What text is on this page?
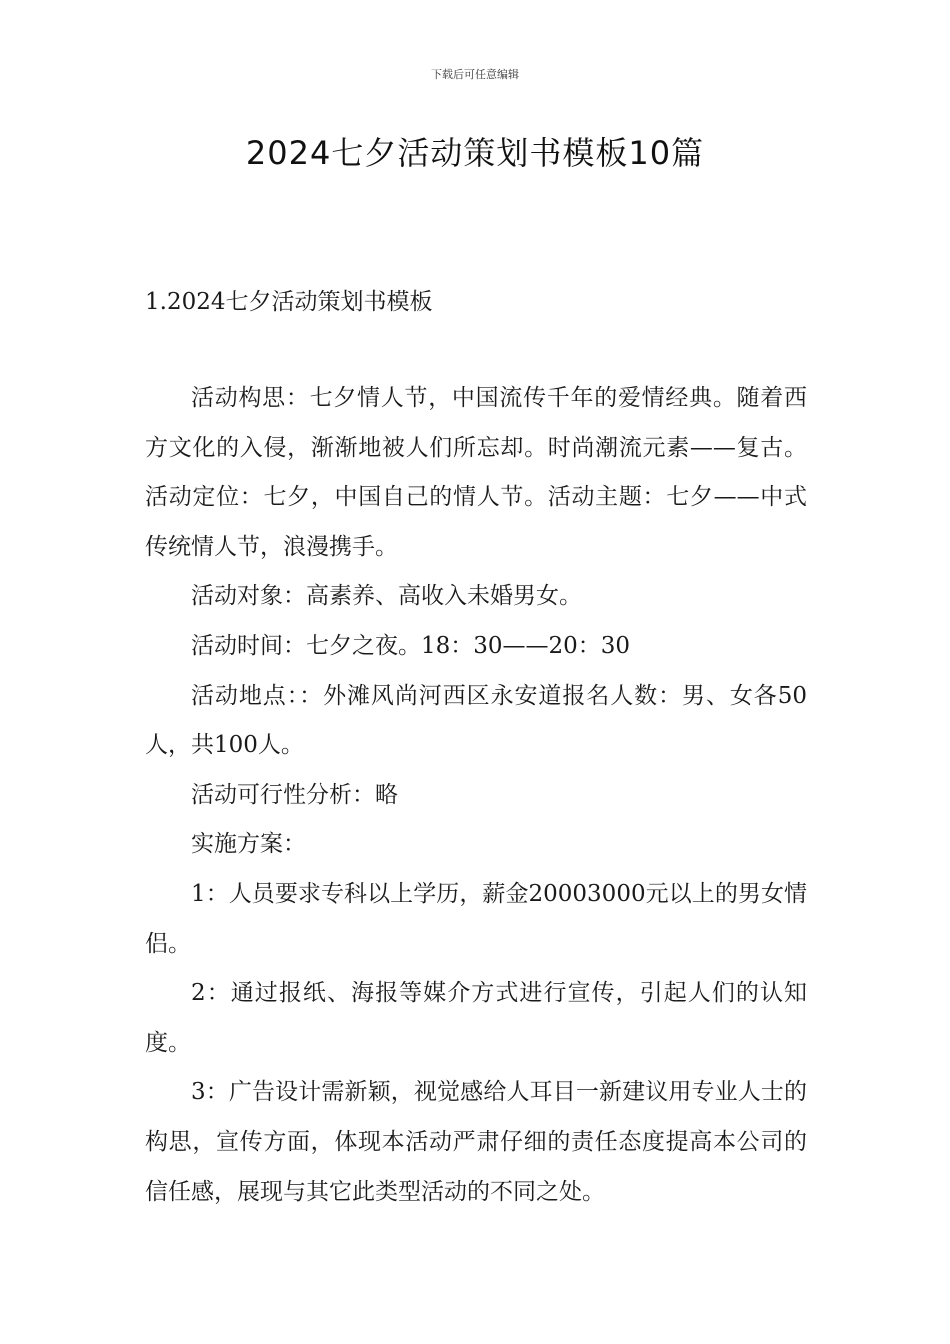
下载后可任意编辑
2024七夕活动策划书模板10篇
1.2024七夕活动策划书模板

活动构思：七夕情人节，中国流传千年的爱情经典。随着西方文化的入侵，渐渐地被人们所忘却。时尚潮流元素——复古。活动定位：七夕，中国自己的情人节。活动主题：七夕——中式传统情人节，浪漫携手。

活动对象：高素养、高收入未婚男女。

活动时间：七夕之夜。18：30——20：30

活动地点：：外滩风尚河西区永安道报名人数：男、女各50人，共100人。

活动可行性分析：略

实施方案：

1：人员要求专科以上学历，薪金20003000元以上的男女情侣。

2：通过报纸、海报等媒介方式进行宣传，引起人们的认知度。

3：广告设计需新颖，视觉感给人耳目一新建议用专业人士的构思，宣传方面，体现本活动严肃仔细的责任态度提高本公司的信任感，展现与其它此类型活动的不同之处。
